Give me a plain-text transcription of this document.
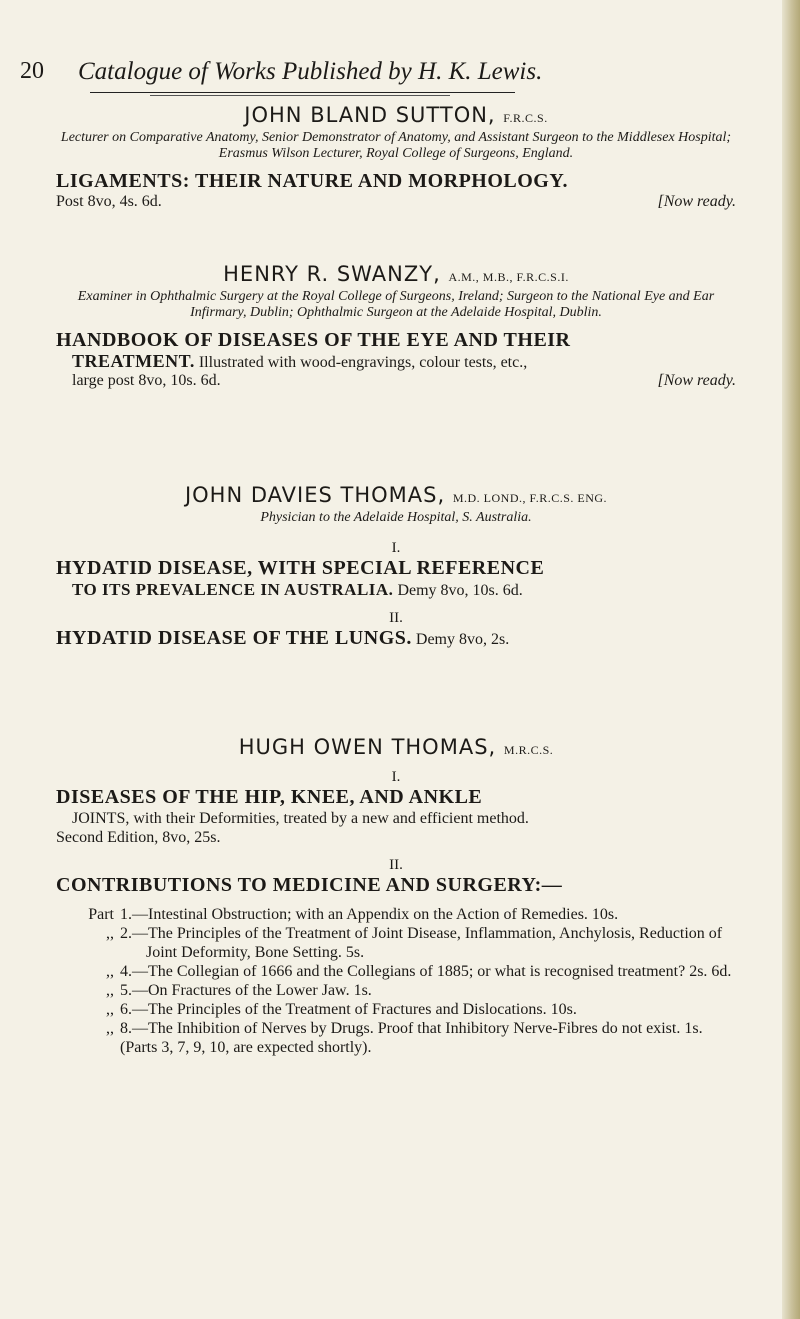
20 Catalogue of Works Published by H. K. Lewis.
JOHN BLAND SUTTON, F.R.C.S.
Lecturer on Comparative Anatomy, Senior Demonstrator of Anatomy, and Assistant Surgeon to the Middlesex Hospital; Erasmus Wilson Lecturer, Royal College of Surgeons, England.
LIGAMENTS: THEIR NATURE AND MORPHOLOGY.
Post 8vo, 4s. 6d.	[Now ready.
HENRY R. SWANZY, A.M., M.B., F.R.C.S.I.
Examiner in Ophthalmic Surgery at the Royal College of Surgeons, Ireland; Surgeon to the National Eye and Ear Infirmary, Dublin; Ophthalmic Surgeon at the Adelaide Hospital, Dublin.
HANDBOOK OF DISEASES OF THE EYE AND THEIR
TREATMENT. Illustrated with wood-engravings, colour tests, etc.,
large post 8vo, 10s. 6d.	[Now ready.
JOHN DAVIES THOMAS, M.D. LOND., F.R.C.S. ENG.
Physician to the Adelaide Hospital, S. Australia.
I.
HYDATID DISEASE, WITH SPECIAL REFERENCE
TO ITS PREVALENCE IN AUSTRALIA. Demy 8vo, 10s. 6d.
II.
HYDATID DISEASE OF THE LUNGS. Demy 8vo, 2s.
HUGH OWEN THOMAS, M.R.C.S.
I.
DISEASES OF THE HIP, KNEE, AND ANKLE
JOINTS, with their Deformities, treated by a new and efficient method.
Second Edition, 8vo, 25s.
II.
CONTRIBUTIONS TO MEDICINE AND SURGERY:—
Part 1.—Intestinal Obstruction; with an Appendix on the Action of Remedies. 10s.
,, 2.—The Principles of the Treatment of Joint Disease, Inflammation, Anchylosis, Reduction of Joint Deformity, Bone Setting. 5s.
,, 4.—The Collegian of 1666 and the Collegians of 1885; or what is recognised treatment? 2s. 6d.
,, 5.—On Fractures of the Lower Jaw. 1s.
,, 6.—The Principles of the Treatment of Fractures and Dislocations. 10s.
,, 8.—The Inhibition of Nerves by Drugs. Proof that Inhibitory Nerve-Fibres do not exist. 1s.
(Parts 3, 7, 9, 10, are expected shortly).
